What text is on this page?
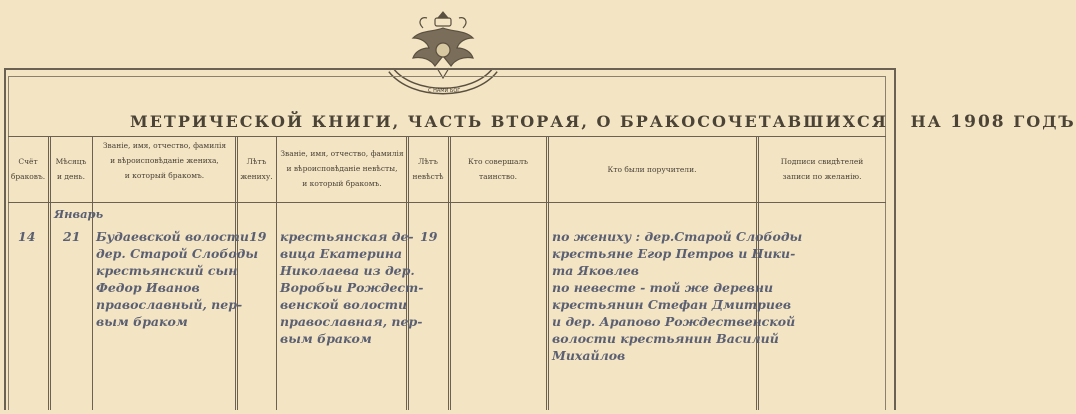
С НАМИ БОГ
МЕТРИЧЕСКОЙ КНИГИ, ЧАСТЬ ВТОРАЯ, О БРАКОСОЧЕТАВШИХСЯ НА 1908 ГОДЪ
Счёт
браковъ.
Мѣсяцъ
и день.
Званіе, имя, отчество, фамилія
и вѣроисповѣданіе жениха,
и который бракомъ.
Лѣтъ
жениху.
Званіе, имя, отчество, фамилія
и вѣроисповѣданіе невѣсты,
и который бракомъ.
Лѣтъ
невѣстѣ
Кто совершалъ
таинство.
Кто были поручители.
Подписи свидѣтелей
записи по желанію.
14
Январь
21 Будаевской волости
дер. Старой Слободы
крестьянский сын
Федор Иванов
православный, пер-
вым браком
19 крестьянская де-
вица Екатерина
Николаева из дер.
Воробьи Рождест-
венской волости
православная, пер-
вым браком
19	по жениху : дер.Старой Слободы
крестьяне Егор Петров и Ники-
та Яковлев
по невесте - той же деревни
крестьянин Стефан Дмитриев
и дер. Арапово Рождественской
волости крестьянин Василий
Михайлов
